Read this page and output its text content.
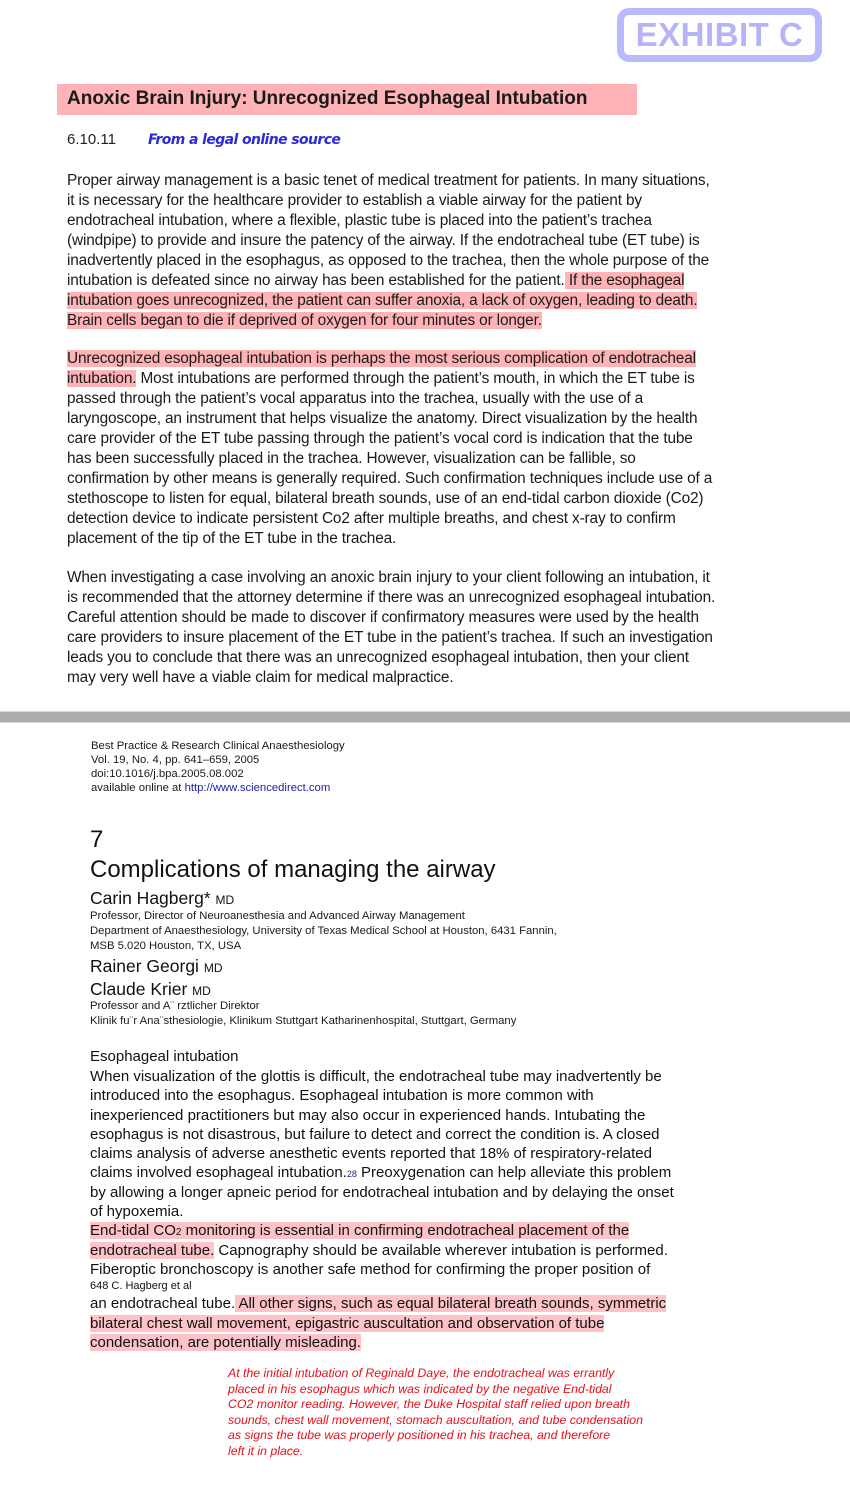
EXHIBIT C
Anoxic Brain Injury: Unrecognized Esophageal Intubation
6.10.11 From a legal online source
Proper airway management is a basic tenet of medical treatment for patients. In many situations,
it is necessary for the healthcare provider to establish a viable airway for the patient by
endotracheal intubation, where a flexible, plastic tube is placed into the patient’s trachea
(windpipe) to provide and insure the patency of the airway. If the endotracheal tube (ET tube) is
inadvertently placed in the esophagus, as opposed to the trachea, then the whole purpose of the
intubation is defeated since no airway has been established for the patient. If the esophageal
intubation goes unrecognized, the patient can suffer anoxia, a lack of oxygen, leading to death.
Brain cells began to die if deprived of oxygen for four minutes or longer.
Unrecognized esophageal intubation is perhaps the most serious complication of endotracheal
intubation. Most intubations are performed through the patient’s mouth, in which the ET tube is
passed through the patient’s vocal apparatus into the trachea, usually with the use of a
laryngoscope, an instrument that helps visualize the anatomy. Direct visualization by the health
care provider of the ET tube passing through the patient’s vocal cord is indication that the tube
has been successfully placed in the trachea. However, visualization can be fallible, so
confirmation by other means is generally required. Such confirmation techniques include use of a
stethoscope to listen for equal, bilateral breath sounds, use of an end-tidal carbon dioxide (Co2)
detection device to indicate persistent Co2 after multiple breaths, and chest x-ray to confirm
placement of the tip of the ET tube in the trachea.
When investigating a case involving an anoxic brain injury to your client following an intubation, it
is recommended that the attorney determine if there was an unrecognized esophageal intubation.
Careful attention should be made to discover if confirmatory measures were used by the health
care providers to insure placement of the ET tube in the patient’s trachea. If such an investigation
leads you to conclude that there was an unrecognized esophageal intubation, then your client
may very well have a viable claim for medical malpractice.
Best Practice & Research Clinical Anaesthesiology
Vol. 19, No. 4, pp. 641–659, 2005
doi:10.1016/j.bpa.2005.08.002
available online at http://www.sciencedirect.com
7
Complications of managing the airway
Carin Hagberg* MD
Professor, Director of Neuroanesthesia and Advanced Airway Management
Department of Anaesthesiology, University of Texas Medical School at Houston, 6431 Fannin,
MSB 5.020 Houston, TX, USA
Rainer Georgi MD
Claude Krier MD
Professor and A¨ rztlicher Direktor
Klinik fu¨r Ana¨sthesiologie, Klinikum Stuttgart Katharinenhospital, Stuttgart, Germany
Esophageal intubation
When visualization of the glottis is difficult, the endotracheal tube may inadvertently be
introduced into the esophagus. Esophageal intubation is more common with
inexperienced practitioners but may also occur in experienced hands. Intubating the
esophagus is not disastrous, but failure to detect and correct the condition is. A closed
claims analysis of adverse anesthetic events reported that 18% of respiratory-related
claims involved esophageal intubation.28 Preoxygenation can help alleviate this problem
by allowing a longer apneic period for endotracheal intubation and by delaying the onset
of hypoxemia.
End-tidal CO2 monitoring is essential in confirming endotracheal placement of the
endotracheal tube. Capnography should be available wherever intubation is performed.
Fiberoptic bronchoscopy is another safe method for confirming the proper position of
648 C. Hagberg et al
an endotracheal tube. All other signs, such as equal bilateral breath sounds, symmetric
bilateral chest wall movement, epigastric auscultation and observation of tube
condensation, are potentially misleading.
At the initial intubation of Reginald Daye, the endotracheal was errantly
placed in his esophagus which was indicated by the negative End-tidal
CO2 monitor reading. However, the Duke Hospital staff relied upon breath
sounds, chest wall movement, stomach auscultation, and tube condensation
as signs the tube was properly positioned in his trachea, and therefore
left it in place.
